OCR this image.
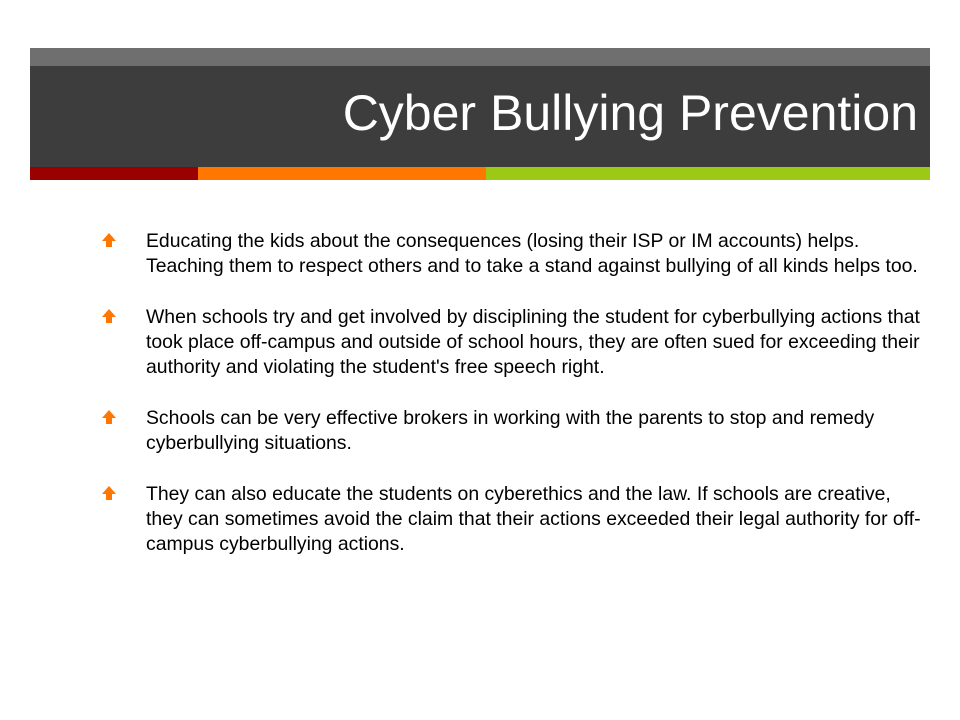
Cyber Bullying Prevention
Educating the kids about the consequences (losing their ISP or IM accounts) helps. Teaching them to respect others and to take a stand against bullying of all kinds helps too.
When schools try and get involved by disciplining the student for cyberbullying actions that took place off-campus and outside of school hours, they are often sued for exceeding their authority and violating the student's free speech right.
Schools can be very effective brokers in working with the parents to stop and remedy cyberbullying situations.
They can also educate the students on cyberethics and the law. If schools are creative, they can sometimes avoid the claim that their actions exceeded their legal authority for off-campus cyberbullying actions.
